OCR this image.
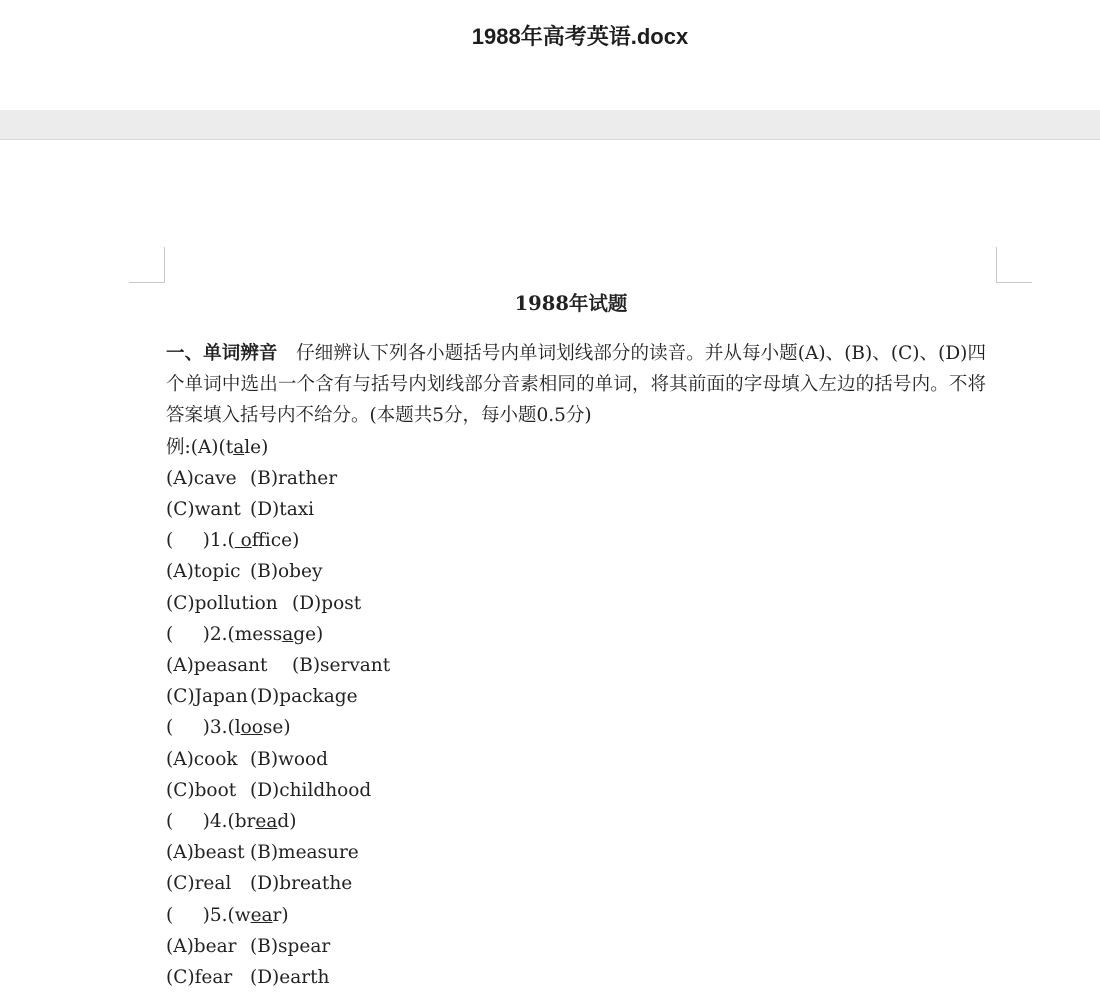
1988年高考英语.docx
1988年试题
一、单词辨音  仔细辨认下列各小题括号内单词划线部分的读音。并从每小题(A)、(B)、(C)、(D)四个单词中选出一个含有与括号内划线部分音素相同的单词，将其前面的字母填入左边的括号内。不将答案填入括号内不给分。(本题共5分，每小题0.5分)
例:(A)(tale)
(A)cave (B)rather
(C)want (D)taxi
(     )1.( office)
(A)topic (B)obey
(C)pollution (D)post
(     )2.(message)
(A)peasant (B)servant
(C)Japan (D)package
(     )3.(loose)
(A)cook (B)wood
(C)boot (D)childhood
(     )4.(bread)
(A)beast (B)measure
(C)real (D)breathe
(     )5.(wear)
(A)bear (B)spear
(C)fear (D)earth
